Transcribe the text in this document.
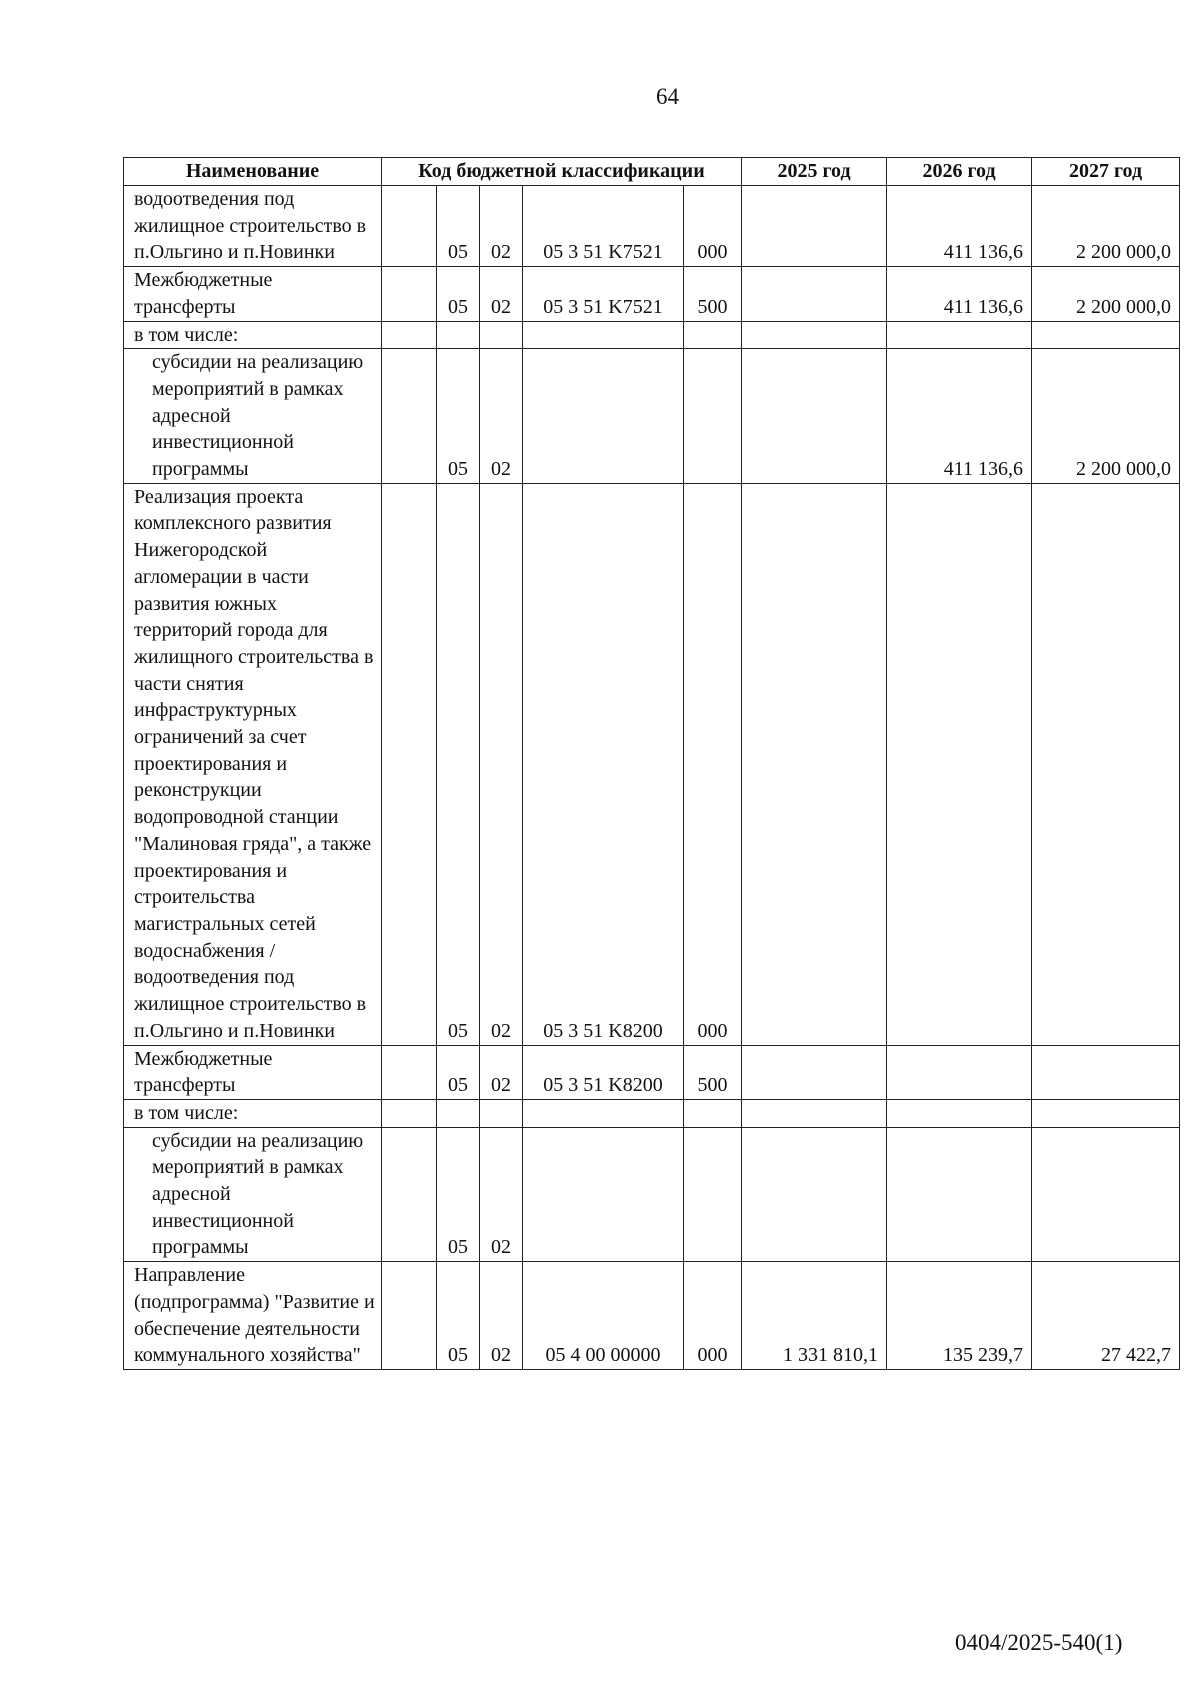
64
Наименование	Код бюджетной классификации					2025 год	2026 год	2027 год
водоотведения под жилищное строительство в п.Ольгино и п.Новинки		05	02	05 3 51 K7521	000		411 136,6	2 200 000,0
Межбюджетные трансферты		05	02	05 3 51 K7521	500		411 136,6	2 200 000,0
в том числе:								
субсидии на реализацию мероприятий в рамках адресной инвестиционной программы		05	02				411 136,6	2 200 000,0
Реализация проекта комплексного развития Нижегородской агломерации в части развития южных территорий города для жилищного строительства в части снятия инфраструктурных ограничений за счет проектирования и реконструкции водопроводной станции "Малиновая гряда", а также проектирования и строительства магистральных сетей водоснабжения / водоотведения под жилищное строительство в п.Ольгино и п.Новинки		05	02	05 3 51 K8200	000			
Межбюджетные трансферты		05	02	05 3 51 K8200	500			
в том числе:								
субсидии на реализацию мероприятий в рамках адресной инвестиционной программы		05	02					
Направление (подпрограмма) "Развитие и обеспечение деятельности коммунального хозяйства"		05	02	05 4 00 00000	000	1 331 810,1	135 239,7	27 422,7
0404/2025-540(1)
